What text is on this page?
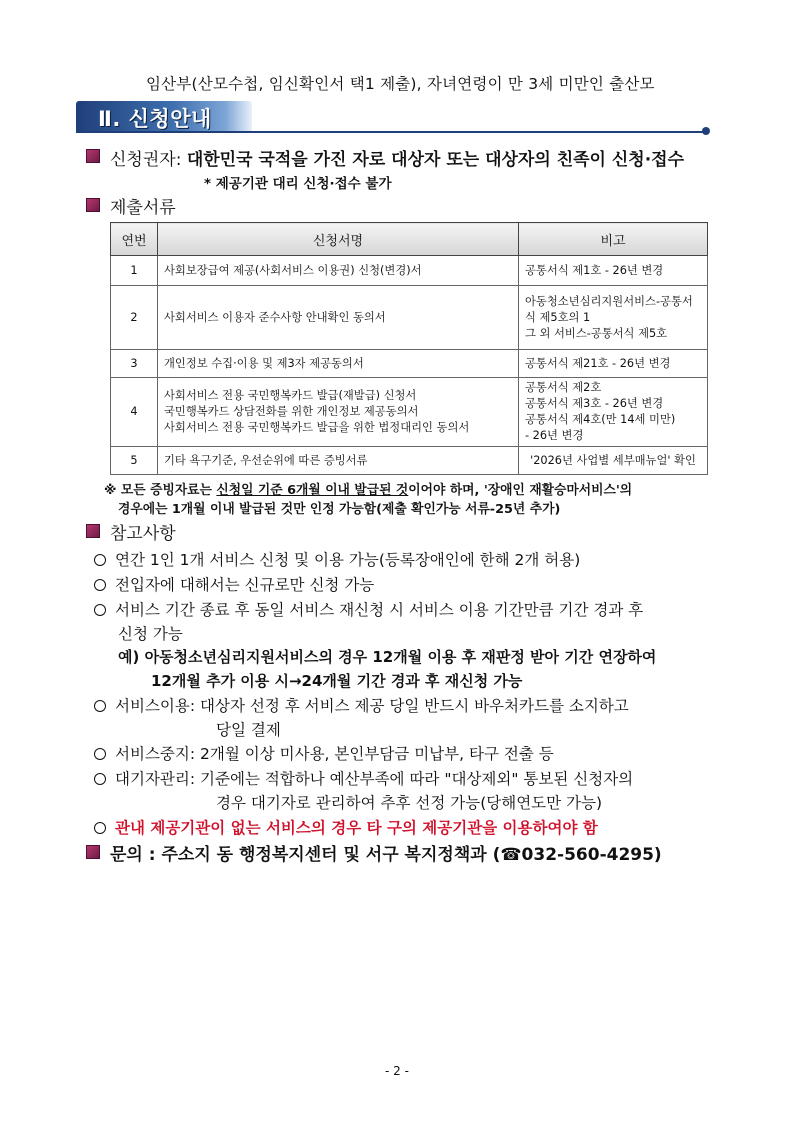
임산부(산모수첩, 임신확인서 택1 제출), 자녀연령이 만 3세 미만인 출산모
Ⅱ. 신청안내
신청권자: 대한민국 국적을 가진 자로 대상자 또는 대상자의 친족이 신청·접수
* 제공기관 대리 신청·접수 불가
제출서류
연번	신청서명	비고
1	사회보장급여 제공(사회서비스 이용권) 신청(변경)서	공통서식 제1호 - 26년 변경
2	사회서비스 이용자 준수사항 안내확인 동의서	아동청소년심리지원서비스-공통서식 제5호의 1
그 외 서비스-공통서식 제5호
3	개인정보 수집·이용 및 제3자 제공동의서	공통서식 제21호 - 26년 변경
4	사회서비스 전용 국민행복카드 발급(재발급) 신청서
국민행복카드 상담전화를 위한 개인정보 제공동의서
사회서비스 전용 국민행복카드 발급을 위한 법정대리인 동의서	공통서식 제2호
공통서식 제3호 - 26년 변경
공통서식 제4호(만 14세 미만)
- 26년 변경
5	기타 욕구기준, 우선순위에 따른 증빙서류	'2026년 사업별 세부매뉴얼' 확인
※ 모든 증빙자료는 신청일 기준 6개월 이내 발급된 것이어야 하며, '장애인 재활승마서비스'의
경우에는 1개월 이내 발급된 것만 인정 가능함(제출 확인가능 서류-25년 추가)
참고사항
연간 1인 1개 서비스 신청 및 이용 가능(등록장애인에 한해 2개 허용)
전입자에 대해서는 신규로만 신청 가능
서비스 기간 종료 후 동일 서비스 재신청 시 서비스 이용 기간만큼 기간 경과 후
신청 가능
예) 아동청소년심리지원서비스의 경우 12개월 이용 후 재판정 받아 기간 연장하여
12개월 추가 이용 시→24개월 기간 경과 후 재신청 가능
서비스이용: 대상자 선정 후 서비스 제공 당일 반드시 바우처카드를 소지하고
당일 결제
서비스중지: 2개월 이상 미사용, 본인부담금 미납부, 타구 전출 등
대기자관리: 기준에는 적합하나 예산부족에 따라 "대상제외" 통보된 신청자의
경우 대기자로 관리하여 추후 선정 가능(당해연도만 가능)
관내 제공기관이 없는 서비스의 경우 타 구의 제공기관을 이용하여야 함
문의 : 주소지 동 행정복지센터 및 서구 복지정책과 (☎032-560-4295)
- 2 -
